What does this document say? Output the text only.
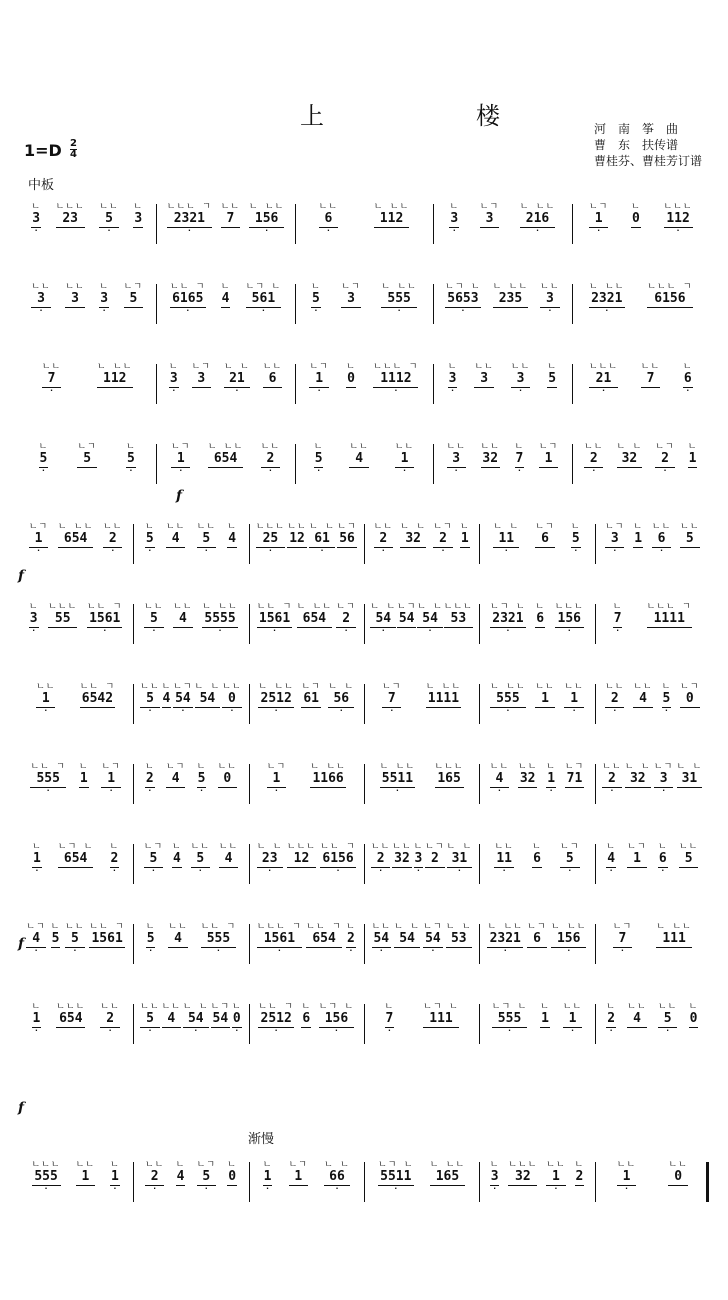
上　楼	河　南　筝　曲
曹　东　扶传谱
曹桂芬、曹桂芳订谱
1=D 2
4
中板
渐慢
ㄴ
3
·
ㄴㄴㄴ
23
ㄴㄴ
5
·
ㄴ
3
ㄴㄴㄴ ㄱ
2321
·
ㄴㄴ
7
ㄴ ㄴㄴ
156
·
ㄴㄴ
6
·
ㄴ ㄴㄴ
112
ㄴ
3
·
ㄴㄱ
3
ㄴ ㄴㄴ
216
·
ㄴㄱ
1
·
ㄴ
0
ㄴㄴㄴ
112
·
ㄴㄴ
3
·
ㄴㄴ
3
ㄴ
3
·
ㄴㄱ
5
ㄴㄴ ㄱ
6165
·
ㄴ
4
ㄴㄱ ㄴ
561
·
ㄴ
5
·
ㄴㄱ
3
ㄴ ㄴㄴ
555
·
ㄴㄱ ㄴ
5653
·
ㄴ ㄴㄴ
235
ㄴㄴ
3
·
ㄴ ㄴㄴ
2321
·
ㄴㄴㄴ ㄱ
6156
ㄴㄴ
7
·
ㄴ ㄴㄴ
112
ㄴ
3
·
ㄴㄱ
3
ㄴ ㄴ
21
·
ㄴㄴ
6
ㄴㄱ
1
·
ㄴ
0
ㄴㄴㄴ ㄱ
1112
·
ㄴ
3
·
ㄴㄴ
3
ㄴㄴ
3
·
ㄴ
5
ㄴㄴㄴ
21
·
ㄴㄴ
7
ㄴ
6
·
ㄴ
5
·
ㄴㄱ
5
ㄴ
5
·
ㄴㄱ
1
·
ㄴ ㄴㄴ
654
ㄴㄴ
2
·
ㄴ
5
·
ㄴㄴ
4
ㄴㄴ
1
·
ㄴㄴ
3
·
ㄴㄴ
32
ㄴ
7
·
ㄴㄱ
1
ㄴㄴ
2
·
ㄴ ㄴ
32
ㄴㄱ
2
·
ㄴ
1
ㄴㄱ
1
·
ㄴ ㄴㄴ
654
ㄴㄴ
2
·
ㄴ
5
·
ㄴㄴ
4
ㄴㄴ
5
·
ㄴ
4
ㄴㄴㄴ
25
·
ㄴㄴ
12
ㄴ ㄴ
61
·
ㄴㄱ
56
ㄴㄴ
2
·
ㄴ ㄴ
32
ㄴㄱ
2
·
ㄴ
1
ㄴ ㄴ
11
·
ㄴㄱ
6
ㄴ
5
·
ㄴㄱ
3
·
ㄴ
1
ㄴㄴ
6
·
ㄴㄴ
5
ㄴ
3
·
ㄴㄴㄴ
55
ㄴㄴ ㄱ
1561
·
ㄴㄴ
5
·
ㄴㄴ
4
ㄴ ㄴㄴ
5555
·
ㄴㄴ ㄱ
1561
·
ㄴ ㄴㄴ
654
ㄴㄱ
2
·
ㄴ ㄴ
54
·
ㄴㄱ
54
ㄴ ㄴ
54
·
ㄴㄴㄴ
53
ㄴㄱ ㄴ
2321
·
ㄴ
6
ㄴㄴㄴ
156
·
ㄴ
7
·
ㄴㄴㄴ ㄱ
1111
ㄴㄴ
1
·
ㄴㄴ ㄱ
6542
ㄴㄴ
5
·
ㄴ
4
ㄴㄱ
54
·
ㄴ ㄴ
54
ㄴㄴ
0
·
ㄴ ㄴㄴ
2512
·
ㄴㄱ
61
ㄴ ㄴ
56
·
ㄴㄱ
7
·
ㄴ ㄴㄴ
1111
ㄴ ㄴㄴ
555
·
ㄴㄴ
1
ㄴㄴ
1
·
ㄴㄴ
2
·
ㄴㄴ
4
ㄴ
5
·
ㄴㄱ
0
ㄴㄴ ㄱ
555
·
ㄴ
1
ㄴㄱ
1
·
ㄴ
2
·
ㄴㄱ
4
ㄴ
5
·
ㄴㄴ
0
ㄴㄱ
1
·
ㄴ ㄴㄴ
1166
ㄴ ㄴㄴ
5511
·
ㄴㄴㄴ
165
ㄴㄴ
4
·
ㄴㄴ
32
ㄴ
1
·
ㄴㄱ
71
ㄴㄴ
2
·
ㄴ ㄴ
32
ㄴㄱ
3
·
ㄴ ㄴ
31
ㄴ
1
·
ㄴㄱ ㄴ
654
ㄴ
2
·
ㄴㄱ
5
·
ㄴ
4
ㄴㄴ
5
·
ㄴㄴ
4
ㄴ ㄴ
23
·
ㄴㄴㄴ
12
ㄴㄴ ㄱ
6156
·
ㄴㄴ
2
·
ㄴㄴ
32
ㄴ
3
·
ㄴㄱ
2
ㄴ ㄴ
31
·
ㄴㄴ
11
·
ㄴ
6
ㄴㄱ
5
·
ㄴ
4
·
ㄴㄱ
1
ㄴ
6
·
ㄴㄴ
5
ㄴㄱ
4
·
ㄴ
5
ㄴㄴ
5
·
ㄴㄴ ㄱ
1561
ㄴ
5
·
ㄴㄴ
4
ㄴㄴ ㄱ
555
·
ㄴㄴㄴ ㄱ
1561
·
ㄴㄴ ㄱ
654
ㄴ
2
·
ㄴㄴ
54
·
ㄴ ㄴ
54
ㄴㄱ
54
·
ㄴ ㄴ
53
ㄴ ㄴㄴ
2321
·
ㄴㄱ
6
ㄴ ㄴㄴ
156
·
ㄴㄱ
7
·
ㄴ ㄴㄴ
111
ㄴ
1
·
ㄴㄴㄴ
654
ㄴㄴ
2
·
ㄴㄴ
5
·
ㄴㄴ
4
ㄴ ㄴ
54
·
ㄴㄱ
54
ㄴ
0
·
ㄴㄴ ㄱ
2512
·
ㄴ
6
ㄴㄱ ㄴ
156
·
ㄴ
7
·
ㄴㄱ ㄴ
111
ㄴㄱ ㄴ
555
·
ㄴ
1
ㄴㄴ
1
·
ㄴ
2
·
ㄴㄴ
4
ㄴㄴ
5
·
ㄴ
0
ㄴㄴㄴ
555
·
ㄴㄴ
1
ㄴ
1
·
ㄴㄴ
2
·
ㄴ
4
ㄴㄱ
5
·
ㄴ
0
ㄴ
1
·
ㄴㄱ
1
ㄴ ㄴ
66
·
ㄴㄱ ㄴ
5511
·
ㄴ ㄴㄴ
165
ㄴ
3
·
ㄴㄴㄴ
32
ㄴㄴ
1
·
ㄴ
2
ㄴㄴ
1
·
ㄴㄴ
0
f
f
f
f
